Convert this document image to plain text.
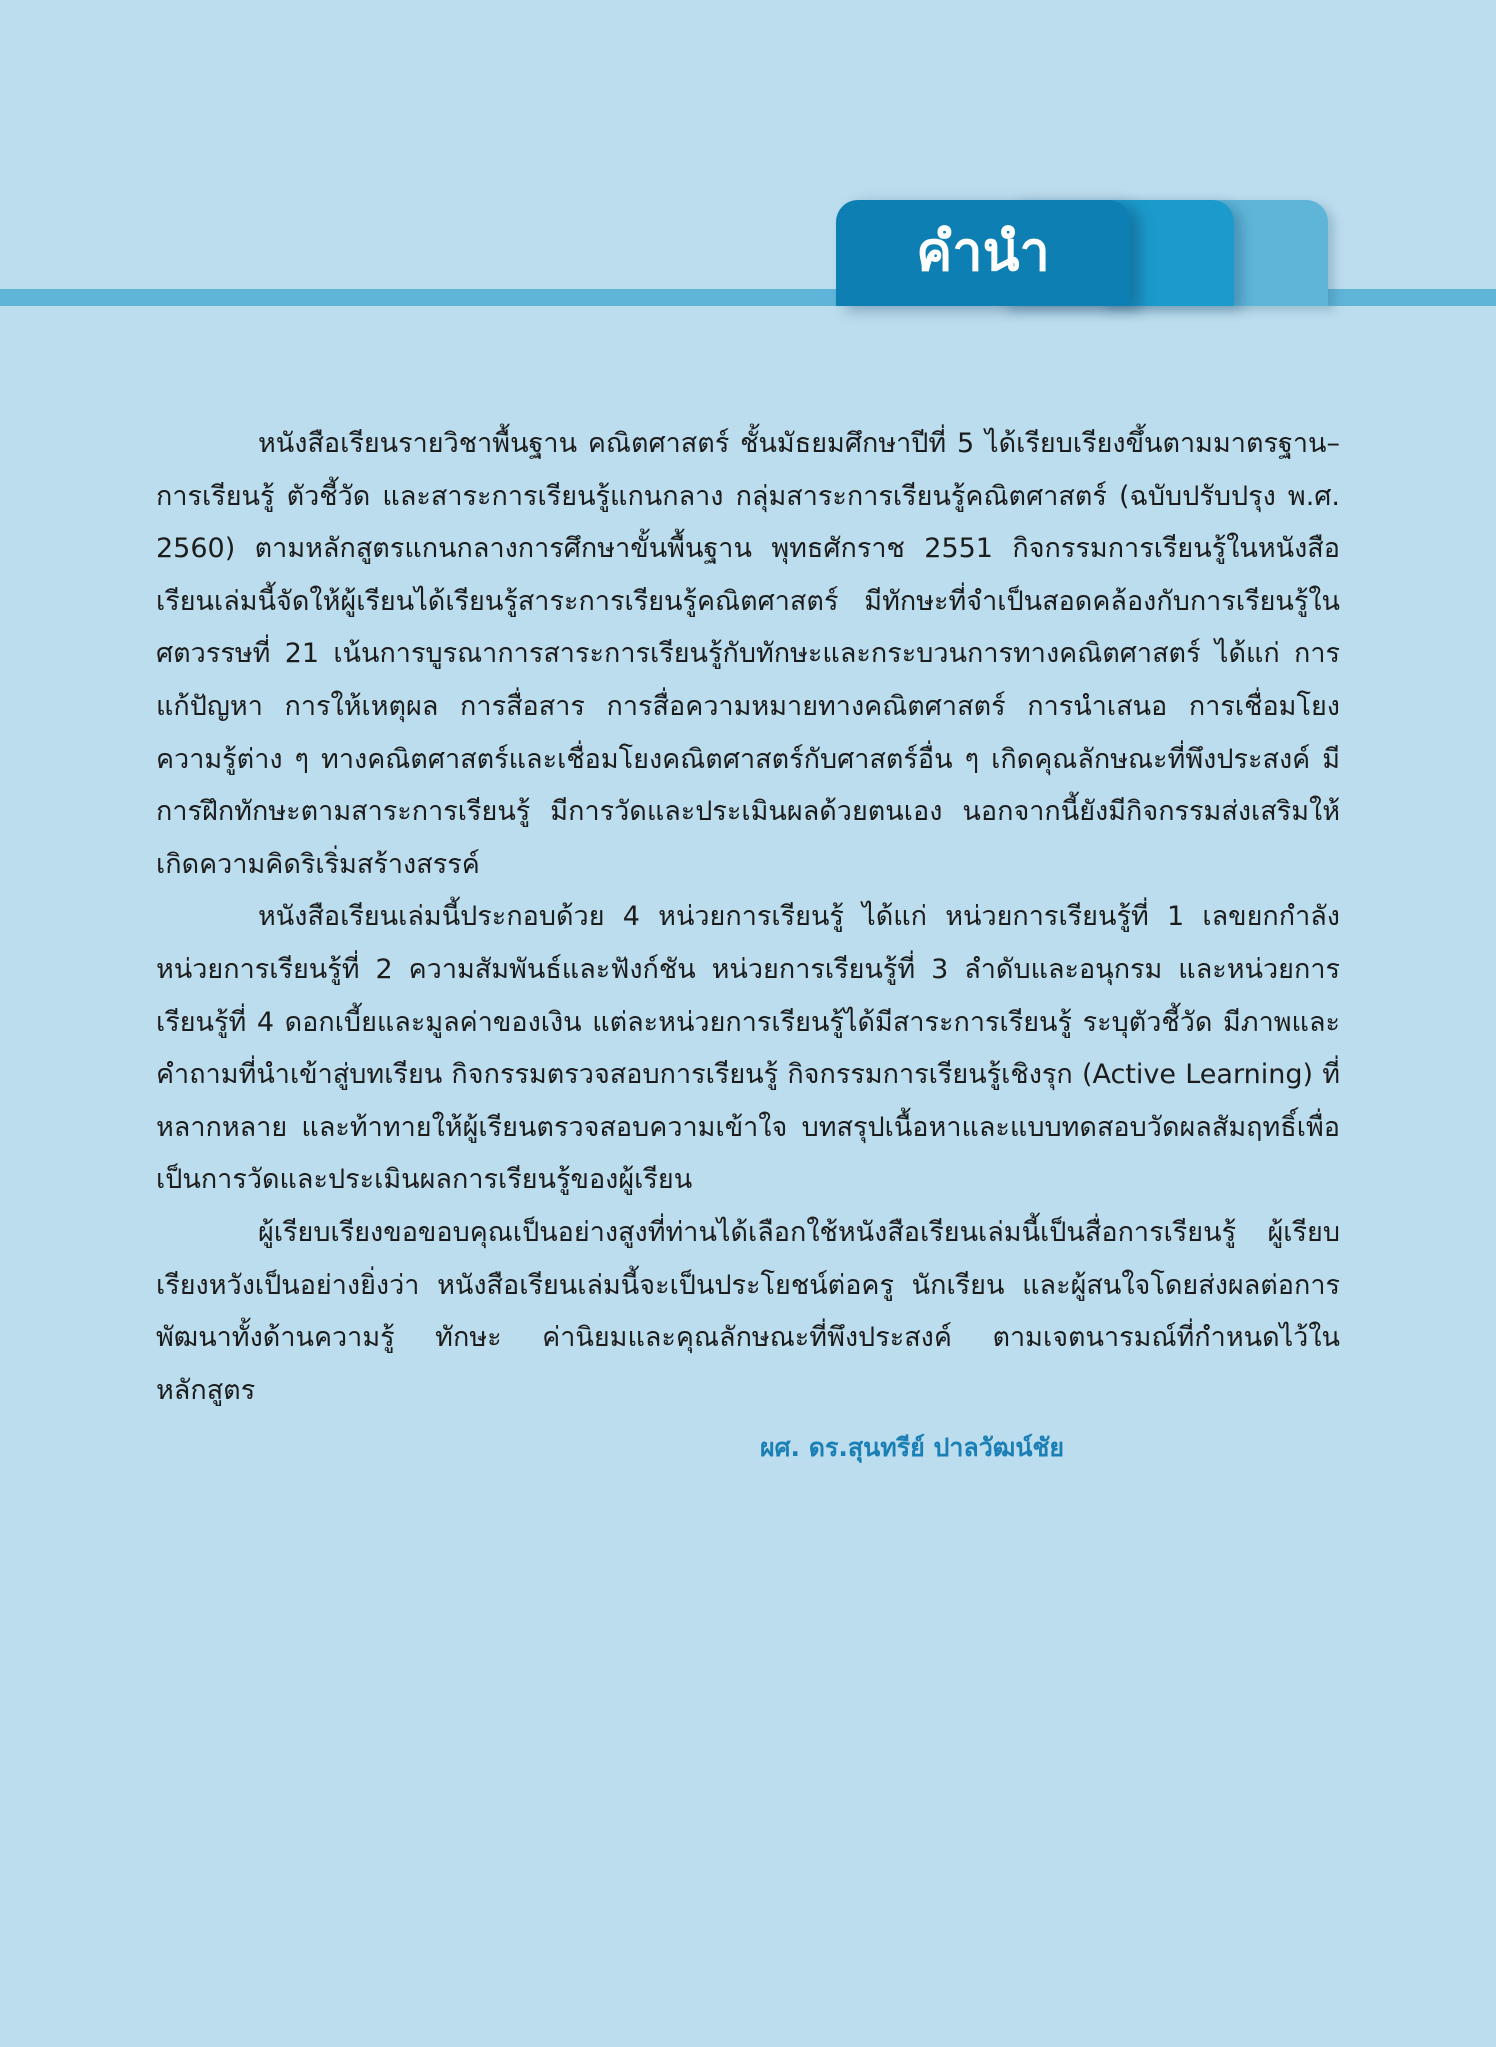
คำนำ

หนังสือเรียนรายวิชาพื้นฐาน คณิตศาสตร์ ชั้นมัธยมศึกษาปีที่ 5 ได้เรียบเรียงขึ้นตามมาตรฐาน–การเรียนรู้ ตัวชี้วัด และสาระการเรียนรู้แกนกลาง กลุ่มสาระการเรียนรู้คณิตศาสตร์ (ฉบับปรับปรุง พ.ศ. 2560) ตามหลักสูตรแกนกลางการศึกษาขั้นพื้นฐาน พุทธศักราช 2551 กิจกรรมการเรียนรู้ในหนังสือเรียนเล่มนี้จัดให้ผู้เรียนได้เรียนรู้สาระการเรียนรู้คณิตศาสตร์ มีทักษะที่จำเป็นสอดคล้องกับการเรียนรู้ในศตวรรษที่ 21 เน้นการบูรณาการสาระการเรียนรู้กับทักษะและกระบวนการทางคณิตศาสตร์ ได้แก่ การแก้ปัญหา การให้เหตุผล การสื่อสาร การสื่อความหมายทางคณิตศาสตร์ การนำเสนอ การเชื่อมโยงความรู้ต่าง ๆ ทางคณิตศาสตร์และเชื่อมโยงคณิตศาสตร์กับศาสตร์อื่น ๆ เกิดคุณลักษณะที่พึงประสงค์ มีการฝึกทักษะตามสาระการเรียนรู้ มีการวัดและประเมินผลด้วยตนเอง นอกจากนี้ยังมีกิจกรรมส่งเสริมให้เกิดความคิดริเริ่มสร้างสรรค์

หนังสือเรียนเล่มนี้ประกอบด้วย 4 หน่วยการเรียนรู้ ได้แก่ หน่วยการเรียนรู้ที่ 1 เลขยกกำลัง หน่วยการเรียนรู้ที่ 2 ความสัมพันธ์และฟังก์ชัน หน่วยการเรียนรู้ที่ 3 ลำดับและอนุกรม และหน่วยการเรียนรู้ที่ 4 ดอกเบี้ยและมูลค่าของเงิน แต่ละหน่วยการเรียนรู้ได้มีสาระการเรียนรู้ ระบุตัวชี้วัด มีภาพและคำถามที่นำเข้าสู่บทเรียน กิจกรรมตรวจสอบการเรียนรู้ กิจกรรมการเรียนรู้เชิงรุก (Active Learning) ที่หลากหลาย และท้าทายให้ผู้เรียนตรวจสอบความเข้าใจ บทสรุปเนื้อหาและแบบทดสอบวัดผลสัมฤทธิ์เพื่อเป็นการวัดและประเมินผลการเรียนรู้ของผู้เรียน

ผู้เรียบเรียงขอขอบคุณเป็นอย่างสูงที่ท่านได้เลือกใช้หนังสือเรียนเล่มนี้เป็นสื่อการเรียนรู้ ผู้เรียบเรียงหวังเป็นอย่างยิ่งว่า หนังสือเรียนเล่มนี้จะเป็นประโยชน์ต่อครู นักเรียน และผู้สนใจโดยส่งผลต่อการพัฒนาทั้งด้านความรู้ ทักษะ ค่านิยมและคุณลักษณะที่พึงประสงค์ ตามเจตนารมณ์ที่กำหนดไว้ในหลักสูตร

ผศ. ดร.สุนทรีย์ ปาลวัฒน์ชัย
